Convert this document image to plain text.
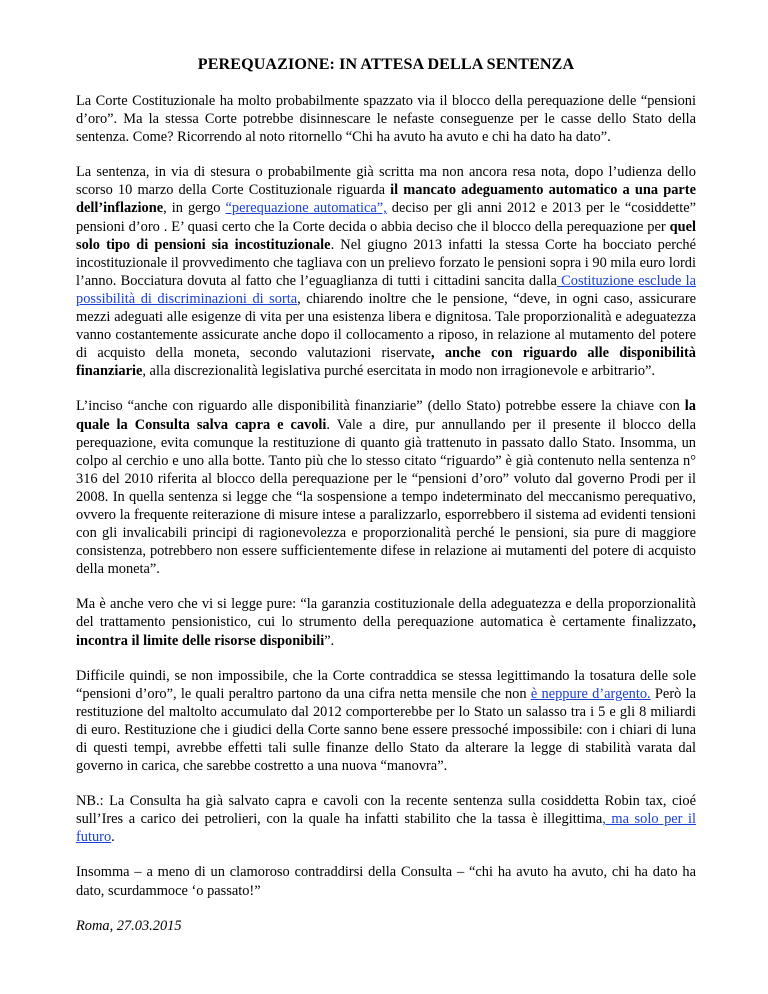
PEREQUAZIONE: IN ATTESA DELLA SENTENZA

La Corte Costituzionale ha molto probabilmente spazzato via il blocco della perequazione delle “pensioni d’oro”. Ma la stessa Corte potrebbe disinnescare le nefaste conseguenze per le casse dello Stato della sentenza. Come? Ricorrendo al noto ritornello “Chi ha avuto ha avuto e chi ha dato ha dato”.

La sentenza, in via di stesura o probabilmente già scritta ma non ancora resa nota, dopo l’udienza dello scorso 10 marzo della Corte Costituzionale riguarda il mancato adeguamento automatico a una parte dell’inflazione, in gergo “perequazione automatica”, deciso per gli anni 2012 e 2013 per le “cosiddette” pensioni d’oro . E’ quasi certo che la Corte decida o abbia deciso che il blocco della perequazione per quel solo tipo di pensioni sia incostituzionale. Nel giugno 2013 infatti la stessa Corte ha bocciato perché incostituzionale il provvedimento che tagliava con un prelievo forzato le pensioni sopra i 90 mila euro lordi l’anno. Bocciatura dovuta al fatto che l’eguaglianza di tutti i cittadini sancita dalla Costituzione esclude la possibilità di discriminazioni di sorta, chiarendo inoltre che le pensione, “deve, in ogni caso, assicurare mezzi adeguati alle esigenze di vita per una esistenza libera e dignitosa. Tale proporzionalità e adeguatezza vanno costantemente assicurate anche dopo il collocamento a riposo, in relazione al mutamento del potere di acquisto della moneta, secondo valutazioni riservate, anche con riguardo alle disponibilità finanziarie, alla discrezionalità legislativa purché esercitata in modo non irragionevole e arbitrario”.

L’inciso “anche con riguardo alle disponibilità finanziarie” (dello Stato) potrebbe essere la chiave con la quale la Consulta salva capra e cavoli. Vale a dire, pur annullando per il presente il blocco della perequazione, evita comunque la restituzione di quanto già trattenuto in passato dallo Stato. Insomma, un colpo al cerchio e uno alla botte. Tanto più che lo stesso citato “riguardo” è già contenuto nella sentenza n° 316 del 2010 riferita al blocco della perequazione per le “pensioni d’oro” voluto dal governo Prodi per il 2008. In quella sentenza si legge che “la sospensione a tempo indeterminato del meccanismo perequativo, ovvero la frequente reiterazione di misure intese a paralizzarlo, esporrebbero il sistema ad evidenti tensioni con gli invalicabili principi di ragionevolezza e proporzionalità perché le pensioni, sia pure di maggiore consistenza, potrebbero non essere sufficientemente difese in relazione ai mutamenti del potere di acquisto della moneta”.

Ma è anche vero che vi si legge pure: “la garanzia costituzionale della adeguatezza e della proporzionalità del trattamento pensionistico, cui lo strumento della perequazione automatica è certamente finalizzato, incontra il limite delle risorse disponibili”.

Difficile quindi, se non impossibile, che la Corte contraddica se stessa legittimando la tosatura delle sole “pensioni d’oro”, le quali peraltro partono da una cifra netta mensile che non è neppure d’argento. Però la restituzione del maltolto accumulato dal 2012 comporterebbe per lo Stato un salasso tra i 5 e gli 8 miliardi di euro. Restituzione che i giudici della Corte sanno bene essere pressoché impossibile: con i chiari di luna di questi tempi, avrebbe effetti tali sulle finanze dello Stato da alterare la legge di stabilità varata dal governo in carica, che sarebbe costretto a una nuova “manovra”.

NB.: La Consulta ha già salvato capra e cavoli con la recente sentenza sulla cosiddetta Robin tax, cioé sull’Ires a carico dei petrolieri, con la quale ha infatti stabilito che la tassa è illegittima, ma solo per il futuro.

Insomma – a meno di un clamoroso contraddirsi della Consulta – “chi ha avuto ha avuto, chi ha dato ha dato, scurdammoce ‘o passato!”

Roma, 27.03.2015
